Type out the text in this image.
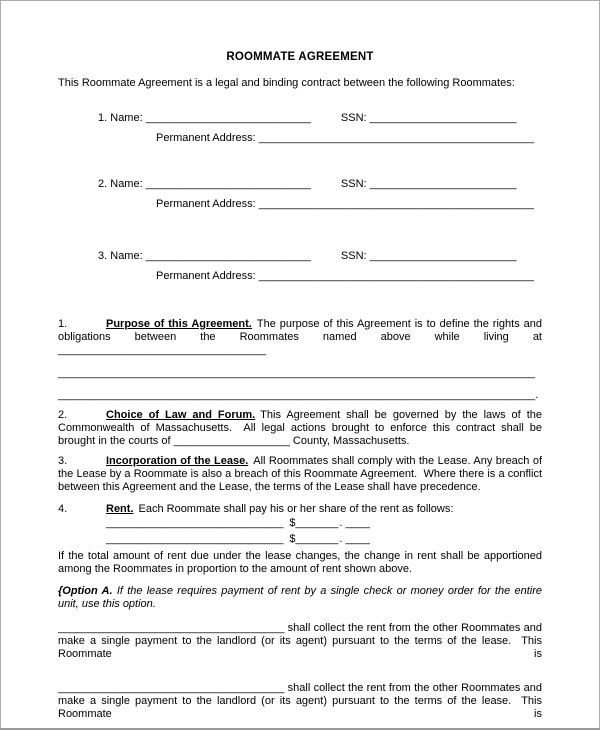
ROOMMATE AGREEMENT

This Roommate Agreement is a legal and binding contract between the following Roommates:

1. Name: ___________________________	SSN: ________________________
Permanent Address: _____________________________________________
2. Name: ___________________________	SSN: ________________________
Permanent Address: _____________________________________________
3. Name: ___________________________	SSN: ________________________
Permanent Address: _____________________________________________

1.	Purpose of this Agreement. The purpose of this Agreement is to define the rights and obligations between the Roommates named above while living at __________________________________

______________________________________________________________________________
______________________________________________________________________________.

2.	Choice of Law and Forum. This Agreement shall be governed by the laws of the Commonwealth of Massachusetts.  All legal actions brought to enforce this contract shall be brought in the courts of ___________________ County, Massachusetts.

3.	Incorporation of the Lease. All Roommates shall comply with the Lease. Any breach of the Lease by a Roommate is also a breach of this Roommate Agreement.  Where there is a conflict between this Agreement and the Lease, the terms of the Lease shall have precedence.

4.	Rent. Each Roommate shall pay his or her share of the rent as follows:

_____________________________ $_______. ____
_____________________________ $_______. ____

If the total amount of rent due under the lease changes, the change in rent shall be apportioned among the Roommates in proportion to the amount of rent shown above.

{Option A. If the lease requires payment of rent by a single check or money order for the entire unit, use this option.

_____________________________________ shall collect the rent from the other Roommates and make a single payment to the landlord (or its agent) pursuant to the terms of the lease.  This Roommate is

_____________________________________ shall collect the rent from the other Roommates and make a single payment to the landlord (or its agent) pursuant to the terms of the lease.  This Roommate is
